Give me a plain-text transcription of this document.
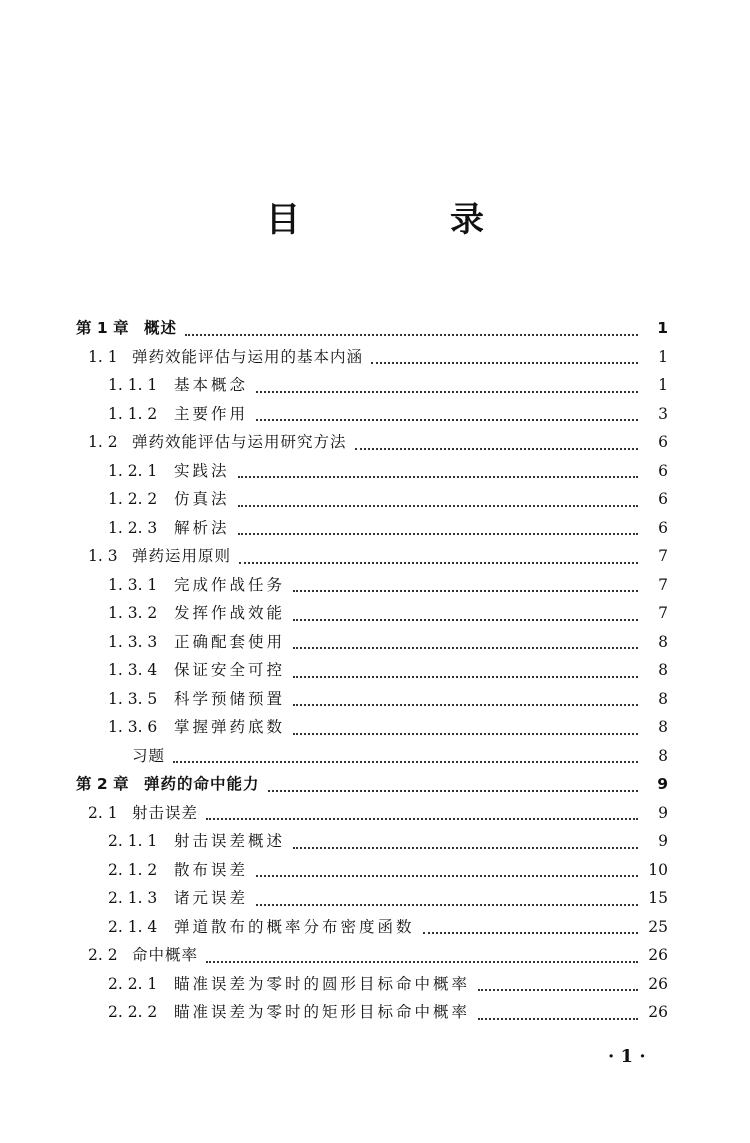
目　录
第 1 章 概述	1
1. 1 弹药效能评估与运用的基本内涵	1
1. 1. 1	基本概念	1
1. 1. 2	主要作用	3
1. 2 弹药效能评估与运用研究方法	6
1. 2. 1	实践法	6
1. 2. 2	仿真法	6
1. 2. 3	解析法	6
1. 3 弹药运用原则	7
1. 3. 1	完成作战任务	7
1. 3. 2	发挥作战效能	7
1. 3. 3	正确配套使用	8
1. 3. 4	保证安全可控	8
1. 3. 5	科学预储预置	8
1. 3. 6	掌握弹药底数	8
习题	8
第 2 章 弹药的命中能力	9
2. 1 射击误差	9
2. 1. 1	射击误差概述	9
2. 1. 2	散布误差	10
2. 1. 3	诸元误差	15
2. 1. 4	弹道散布的概率分布密度函数	25
2. 2 命中概率	26
2. 2. 1	瞄准误差为零时的圆形目标命中概率	26
2. 2. 2	瞄准误差为零时的矩形目标命中概率	26
· 1 ·
